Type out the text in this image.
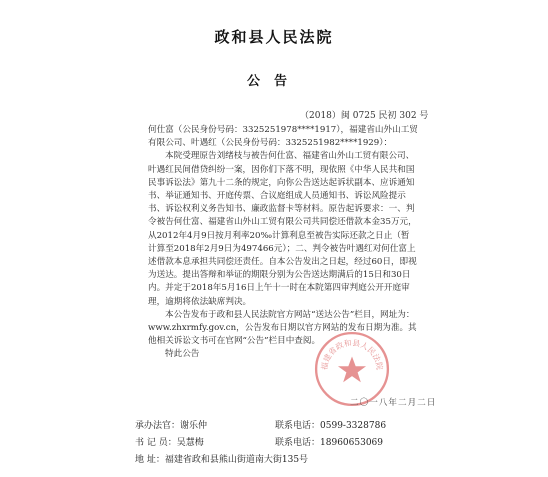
政和县人民法院
公告
（2018）闽 0725 民初 302 号

何仕富（公民身份号码：3325251978****1917），福建省山外山工贸有限公司、叶遇红（公民身份号码：3325251982****1929）：

本院受理原告刘绪枝与被告何仕富、福建省山外山工贸有限公司、叶遇红民间借贷纠纷一案，因你们下落不明，现依照《中华人民共和国民事诉讼法》第九十二条的规定，向你公告送达起诉状副本、应诉通知书、举证通知书、开庭传票、合议庭组成人员通知书、诉讼风险提示书、诉讼权利义务告知书、廉政监督卡等材料。原告起诉要求：一、判令被告何仕富、福建省山外山工贸有限公司共同偿还借款本金35万元，从2012年4月9日按月利率20‰计算利息至被告实际还款之日止（暂计算至2018年2月9日为497466元）；二、判令被告叶遇红对何仕富上述借款本息承担共同偿还责任。自本公告发出之日起，经过60日，即视为送达。提出答辩和举证的期限分别为公告送达期满后的15日和30日内。并定于2018年5月16日上午十一时在本院第四审判庭公开开庭审理，逾期将依法缺席判决。

本公告发布于政和县人民法院官方网站“送达公告”栏目，网址为：www.zhxrmfy.gov.cn，公告发布日期以官方网站的发布日期为准。其他相关诉讼文书可在官网“公告”栏目中查阅。

特此公告

福建省政和县人民法院
二〇一八年二月二日
承办法官：谢乐仲	联系电话：0599-3328786
书 记 员：吴慧梅	联系电话：18960653069
地 址：福建省政和县熊山街道南大街135号
